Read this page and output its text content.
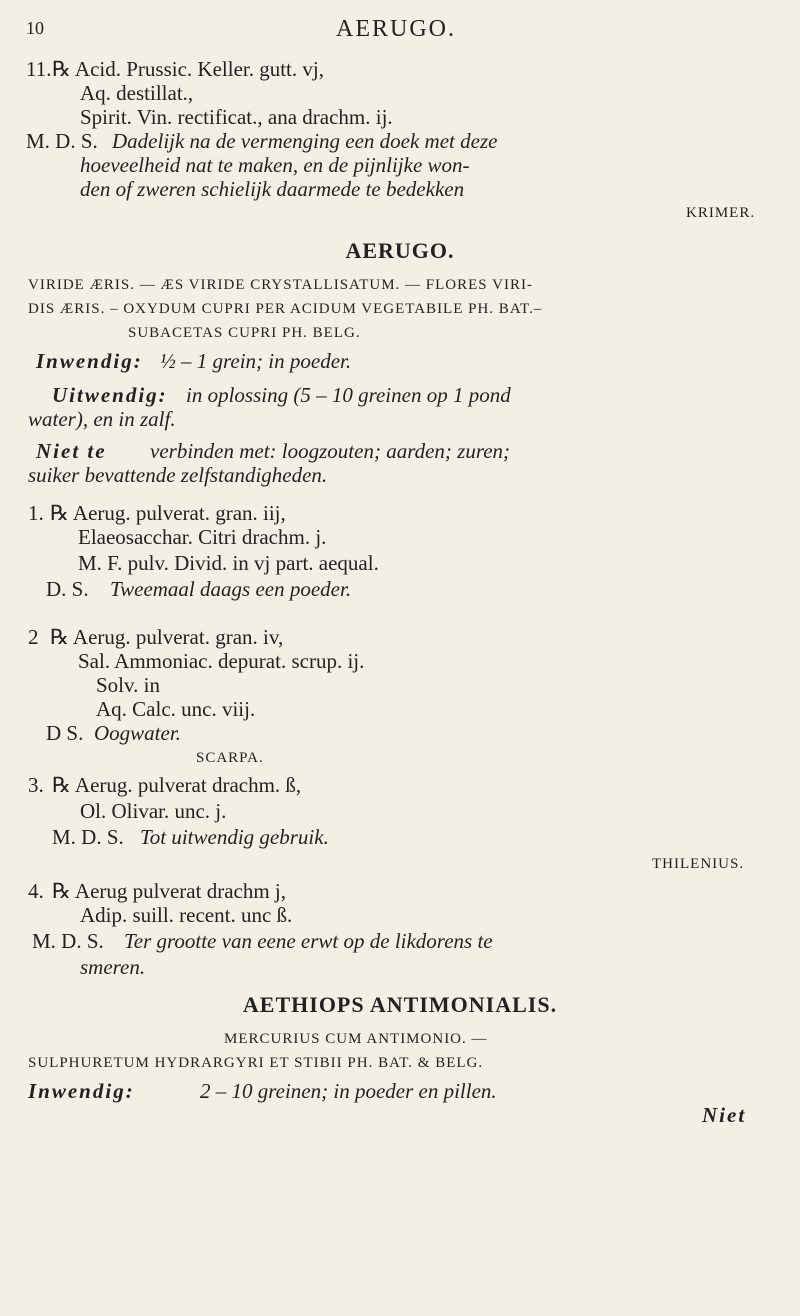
10	AERUGO.
11. ℞ Acid. Prussic. Keller. gutt. vj,
Aq. destillat.,
Spirit. Vin. rectificat., ana drachm. ij.
M. D. S. Dadelijk na de vermenging een doek met deze
hoeveelheid nat te maken, en de pijnlijke won-
den of zweren schielijk daarmede te bedekken
KRIMER.
AERUGO.
VIRIDE ÆRIS. — ÆS VIRIDE CRYSTALLISATUM. — FLORES VIRI-
DIS ÆRIS. – OXYDUM CUPRI PER ACIDUM VEGETABILE PH. BAT.–
SUBACETAS CUPRI PH. BELG.
Inwendig: ½ – 1 grein; in poeder.
Uitwendig: in oplossing (5 – 10 greinen op 1 pond
water), en in zalf.
Niet te verbinden met: loogzouten; aarden; zuren;
suiker bevattende zelfstandigheden.
1. ℞ Aerug. pulverat. gran. iij,
Elaeosacchar. Citri drachm. j.
M. F. pulv. Divid. in vj part. aequal.
D. S. Tweemaal daags een poeder.
2 ℞ Aerug. pulverat. gran. iv,
Sal. Ammoniac. depurat. scrup. ij.
Solv. in
Aq. Calc. unc. viij.
D S. Oogwater.
SCARPA.
3. ℞ Aerug. pulverat drachm. ß,
Ol. Olivar. unc. j.
M. D. S. Tot uitwendig gebruik.
THILENIUS.
4. ℞ Aerug pulverat drachm j,
Adip. suill. recent. unc ß.
M. D. S. Ter grootte van eene erwt op de likdorens te
smeren.
AETHIOPS ANTIMONIALIS.
MERCURIUS CUM ANTIMONIO. —
SULPHURETUM HYDRARGYRI ET STIBII PH. BAT. & BELG.
Inwendig:	2 – 10 greinen; in poeder en pillen.
Niet
